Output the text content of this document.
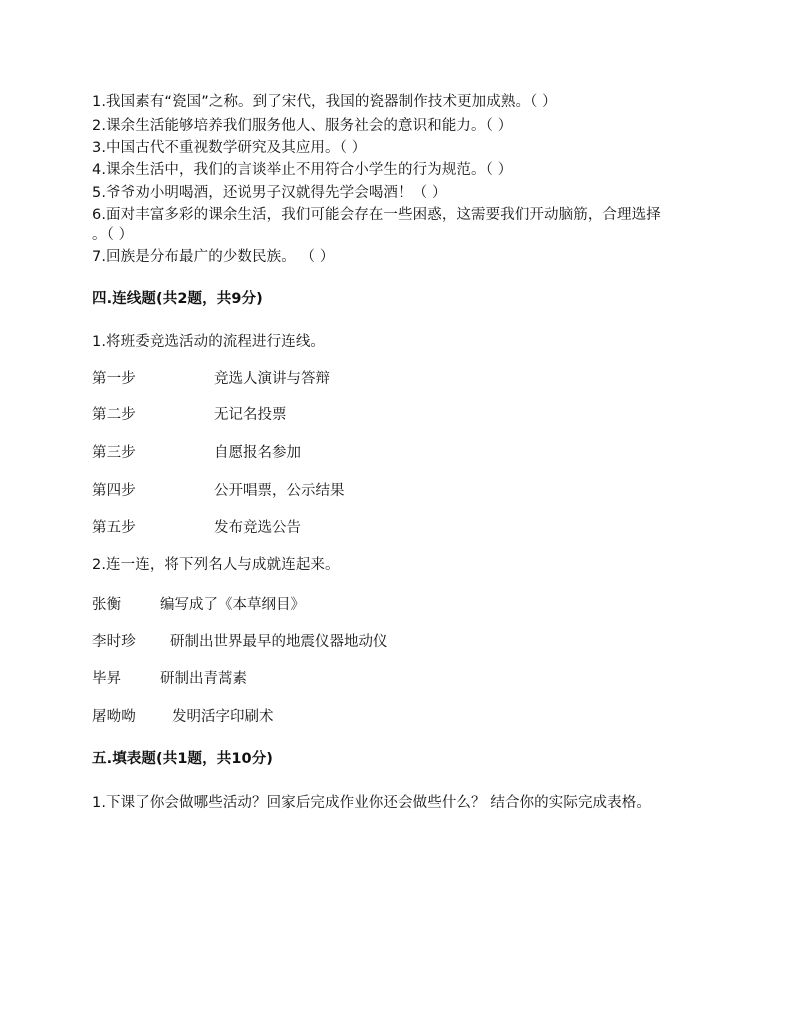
1.我国素有“瓷国”之称。到了宋代，我国的瓷器制作技术更加成熟。（ ）
2.课余生活能够培养我们服务他人、服务社会的意识和能力。（ ）
3.中国古代不重视数学研究及其应用。（ ）
4.课余生活中，我们的言谈举止不用符合小学生的行为规范。（ ）
5.爷爷劝小明喝酒，还说男子汉就得先学会喝酒！（ ）
6.面对丰富多彩的课余生活，我们可能会存在一些困惑，这需要我们开动脑筋，合理选择
。（ ）
7.回族是分布最广的少数民族。 （ ）
四.连线题(共2题，共9分)
1.将班委竞选活动的流程进行连线。
第一步	竞选人演讲与答辩
第二步	无记名投票
第三步	自愿报名参加
第四步	公开唱票，公示结果
第五步	发布竞选公告
2.连一连，将下列名人与成就连起来。
张衡	编写成了《本草纲目》
李时珍 研制出世界最早的地震仪器地动仪
毕昇	研制出青蒿素
屠呦呦 发明活字印刷术
五.填表题(共1题，共10分)
1.下课了你会做哪些活动？回家后完成作业你还会做些什么？ 结合你的实际完成表格。
